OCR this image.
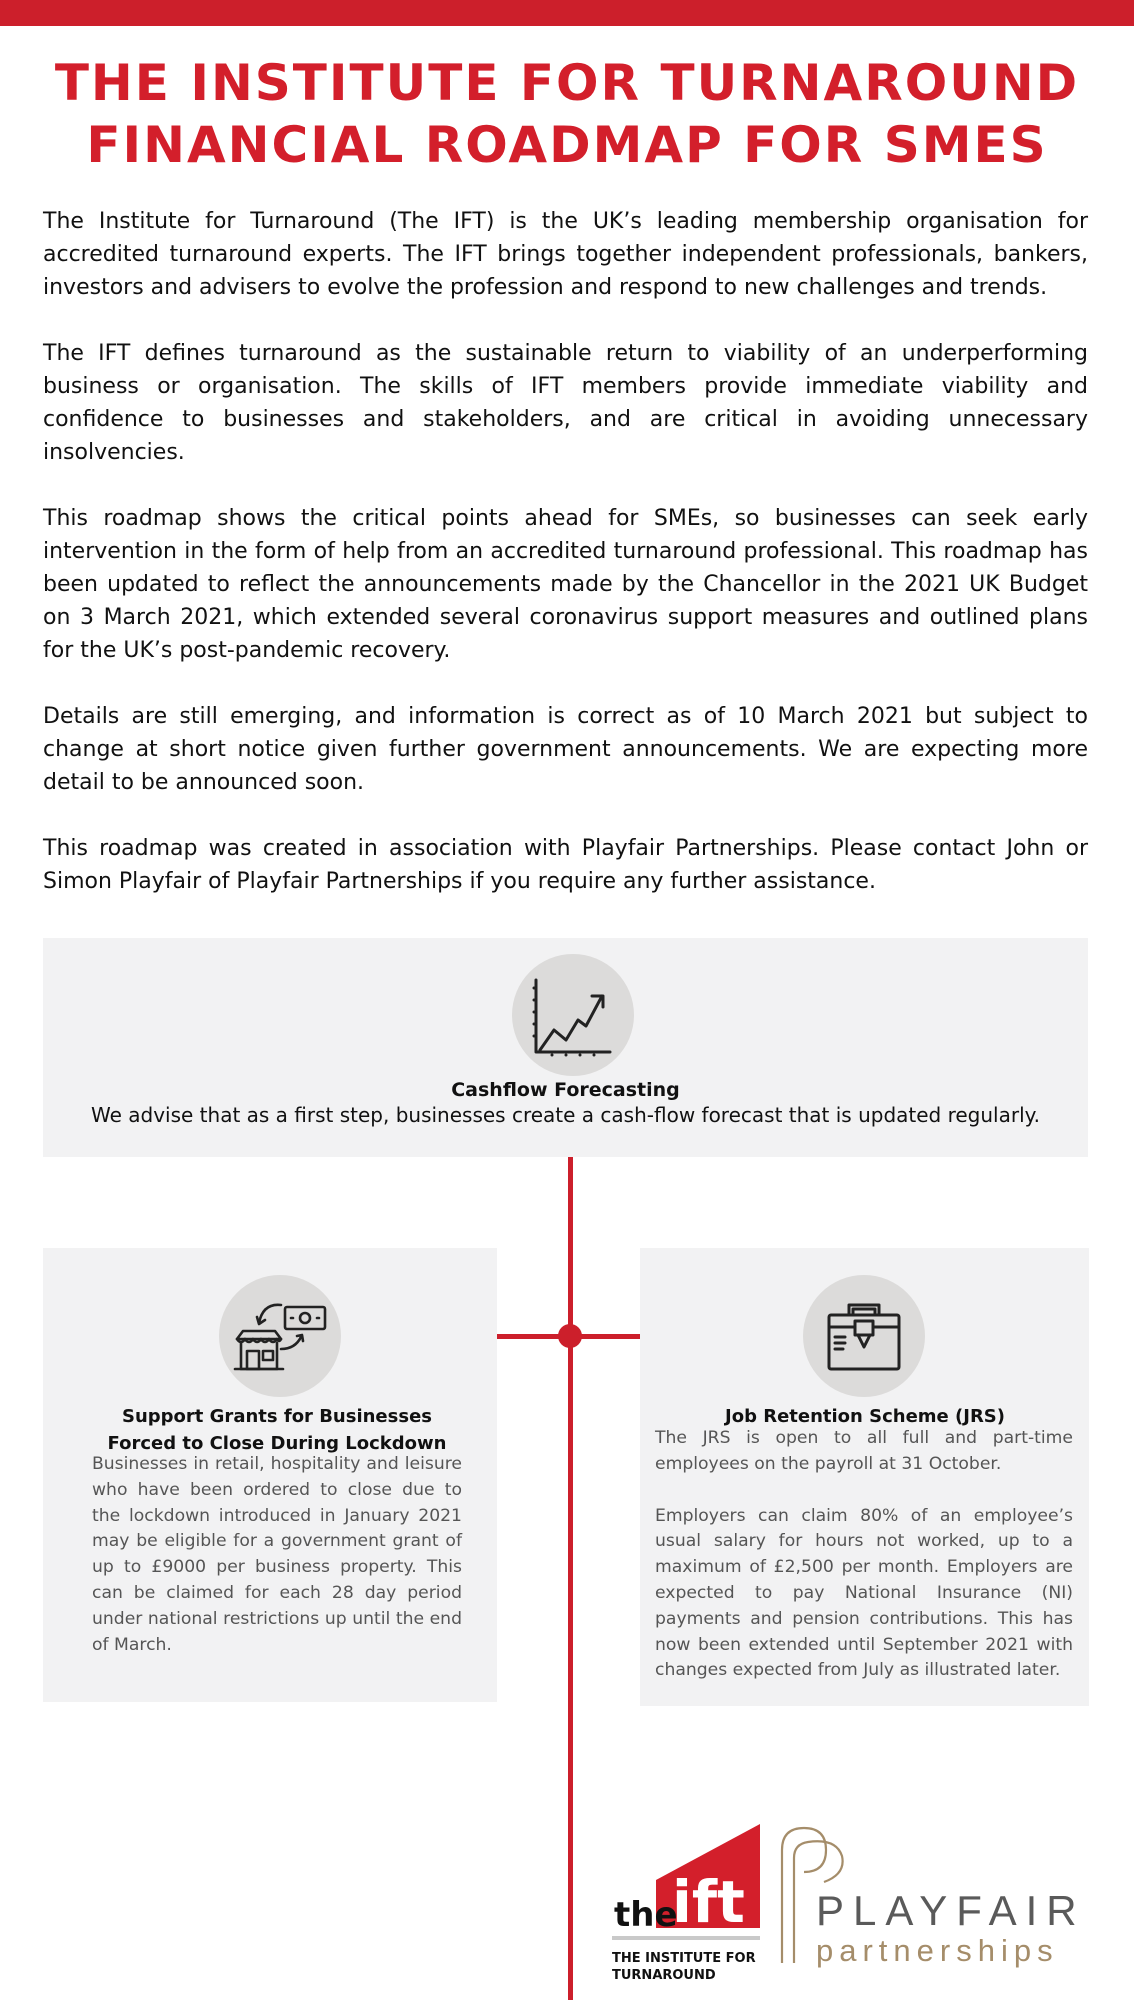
THE INSTITUTE FOR TURNAROUND
FINANCIAL ROADMAP FOR SMES

The Institute for Turnaround (The IFT) is the UK’s leading membership organisation for accredited turnaround experts. The IFT brings together independent professionals, bankers, investors and advisers to evolve the profession and respond to new challenges and trends.

The IFT defines turnaround as the sustainable return to viability of an underperforming business or organisation. The skills of IFT members provide immediate viability and confidence to businesses and stakeholders, and are critical in avoiding unnecessary insolvencies.

This roadmap shows the critical points ahead for SMEs, so businesses can seek early intervention in the form of help from an accredited turnaround professional. This roadmap has been updated to reflect the announcements made by the Chancellor in the 2021 UK Budget on 3 March 2021, which extended several coronavirus support measures and outlined plans for the UK’s post-pandemic recovery.

Details are still emerging, and information is correct as of 10 March 2021 but subject to change at short notice given further government announcements. We are expecting more detail to be announced soon.

This roadmap was created in association with Playfair Partnerships. Please contact John or Simon Playfair of Playfair Partnerships if you require any further assistance.

Cashflow Forecasting

We advise that as a first step, businesses create a cash-flow forecast that is updated regularly.

Support Grants for Businesses
Forced to Close During Lockdown

Businesses in retail, hospitality and leisure who have been ordered to close due to the lockdown introduced in January 2021 may be eligible for a government grant of up to £9000 per business property. This can be claimed for each 28 day period under national restrictions up until the end of March.

Job Retention Scheme (JRS)

The JRS is open to all full and part-time employees on the payroll at 31 October.

Employers can claim 80% of an employee’s usual salary for hours not worked, up to a maximum of £2,500 per month. Employers are expected to pay National Insurance (NI) payments and pension contributions. This has now been extended until September 2021 with changes expected from July as illustrated later.

the
ift

THE INSTITUTE FOR
TURNAROUND

PLAYFAIR

partnerships
